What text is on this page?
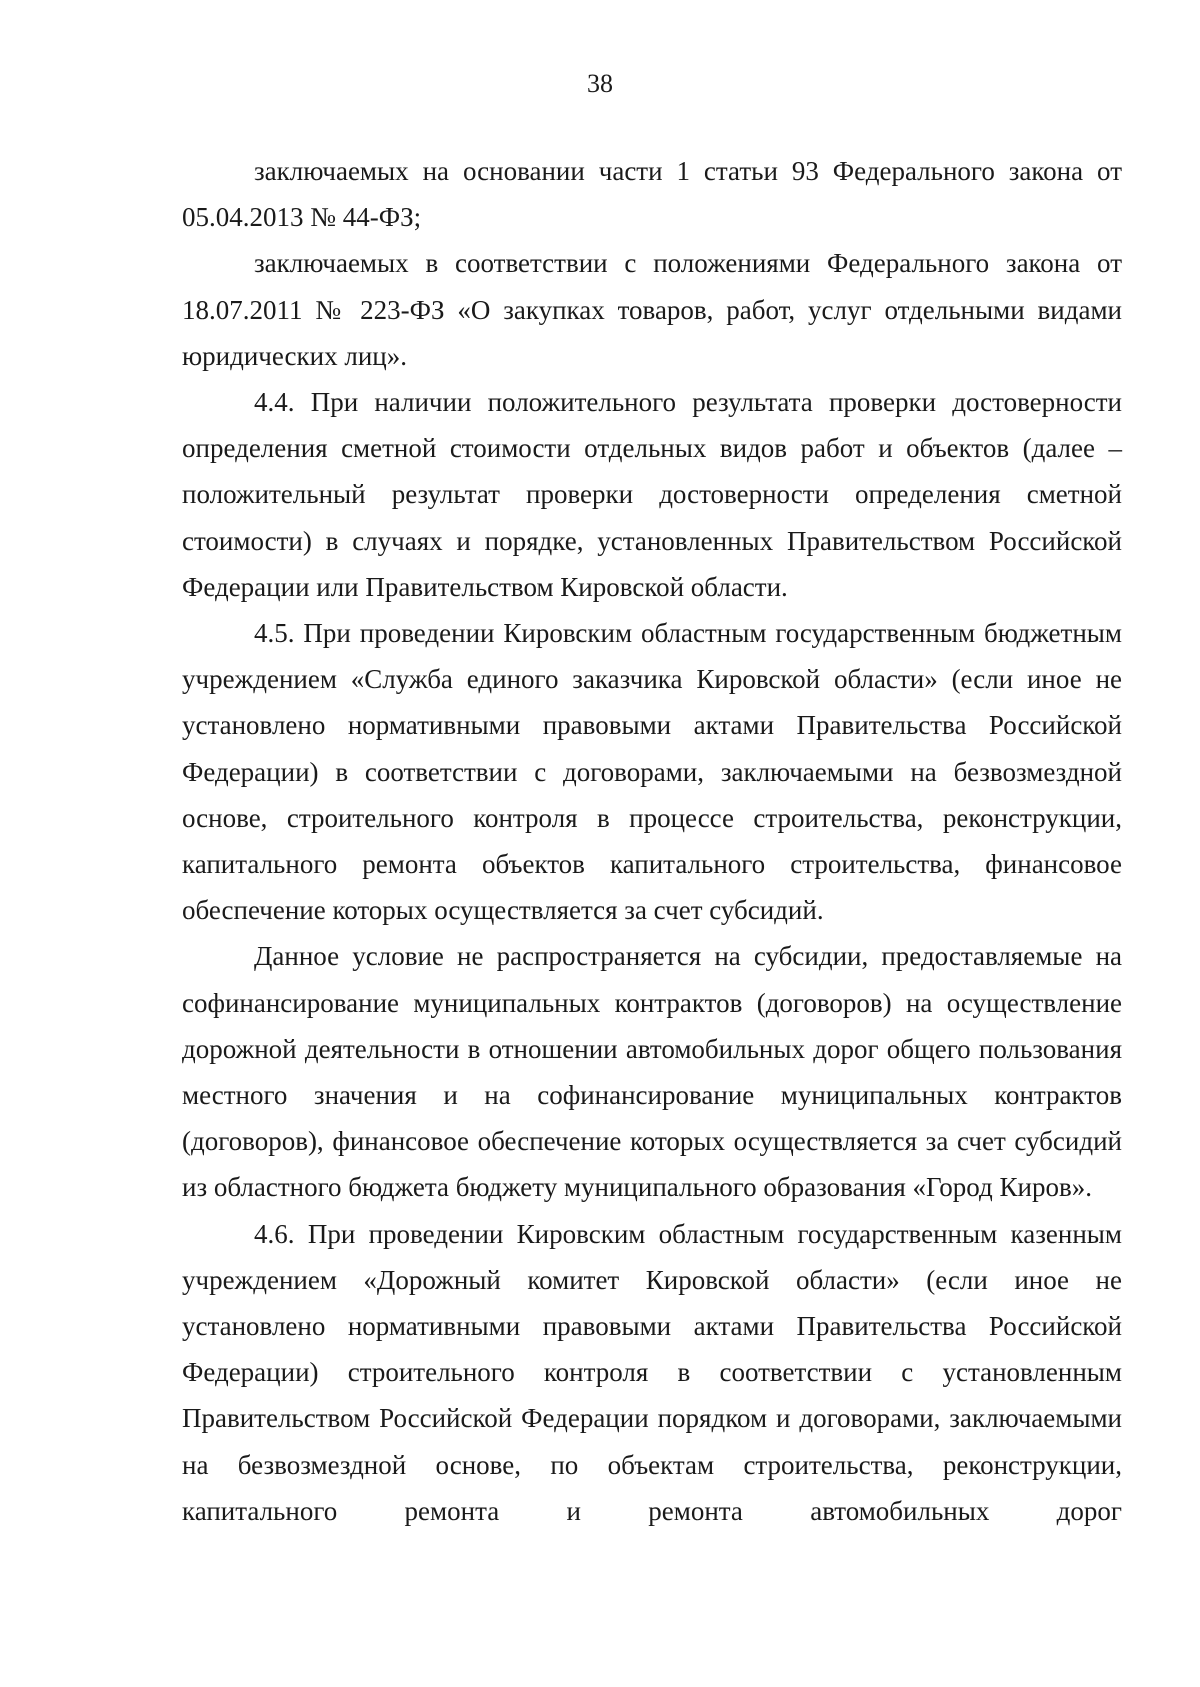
38

заключаемых на основании части 1 статьи 93 Федерального закона от 05.04.2013 № 44-ФЗ;

заключаемых в соответствии с положениями Федерального закона от 18.07.2011 № 223-ФЗ «О закупках товаров, работ, услуг отдельными видами юридических лиц».

4.4. При наличии положительного результата проверки достоверности определения сметной стоимости отдельных видов работ и объектов (далее – положительный результат проверки достоверности определения сметной стоимости) в случаях и порядке, установленных Правительством Российской Федерации или Правительством Кировской области.

4.5. При проведении Кировским областным государственным бюджетным учреждением «Служба единого заказчика Кировской области» (если иное не установлено нормативными правовыми актами Правительства Российской Федерации) в соответствии с договорами, заключаемыми на безвозмездной основе, строительного контроля в процессе строительства, реконструкции, капитального ремонта объектов капитального строительства, финансовое обеспечение которых осуществляется за счет субсидий.

Данное условие не распространяется на субсидии, предоставляемые на софинансирование муниципальных контрактов (договоров) на осуществление дорожной деятельности в отношении автомобильных дорог общего пользования местного значения и на софинансирование муниципальных контрактов (договоров), финансовое обеспечение которых осуществляется за счет субсидий из областного бюджета бюджету муниципального образования «Город Киров».

4.6. При проведении Кировским областным государственным казенным учреждением «Дорожный комитет Кировской области» (если иное не установлено нормативными правовыми актами Правительства Российской Федерации) строительного контроля в соответствии с установленным Правительством Российской Федерации порядком и договорами, заключаемыми на безвозмездной основе, по объектам строительства, реконструкции, капитального ремонта и ремонта автомобильных дорог
